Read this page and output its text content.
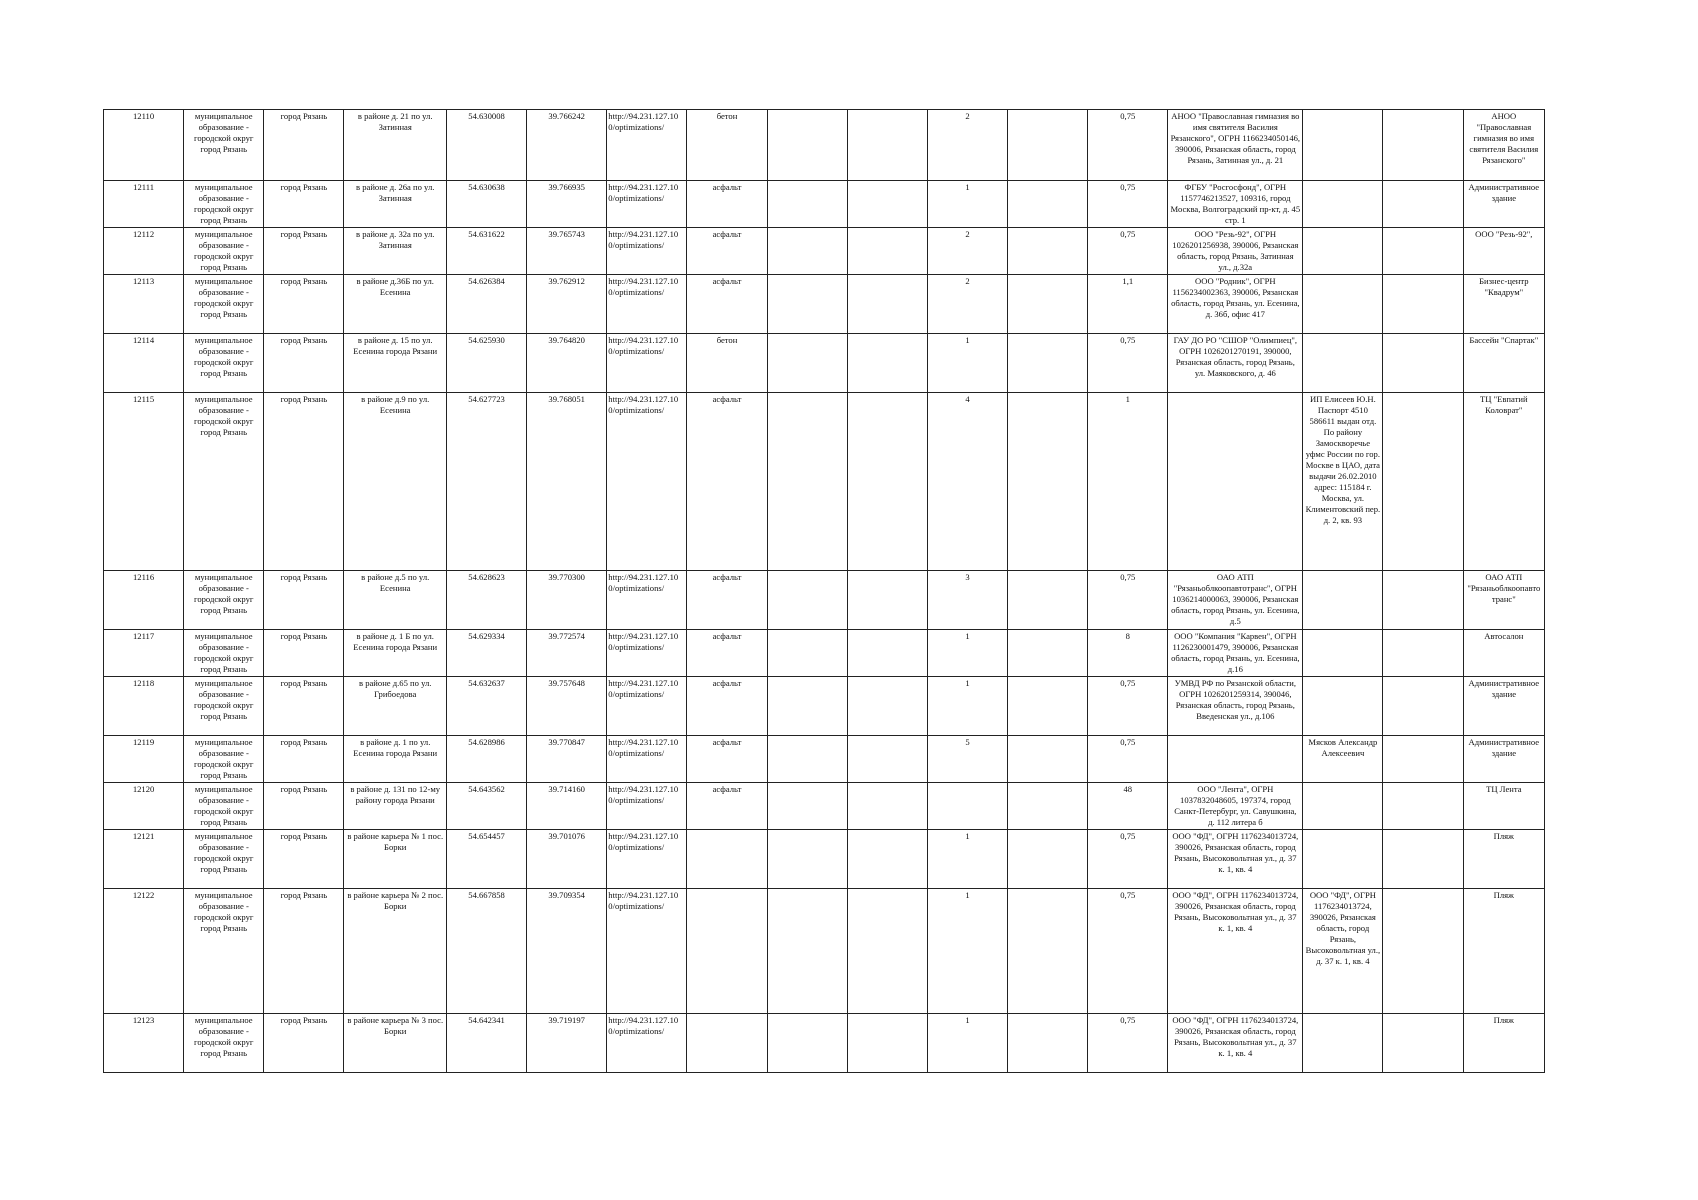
12110	муниципальное образование - городской округ город Рязань	город Рязань	в районе д. 21 по ул. Затинная	54.630008	39.766242	http://94.231.127.10 0/optimizations/	бетон			2		0,75	АНОО "Православная гимназия во имя святителя Василия Рязанского", ОГРН 1166234050146, 390006, Рязанская область, город Рязань, Затинная ул., д. 21			АНОО "Православная гимназия во имя святителя Василия Рязанского"
12111	муниципальное образование - городской округ город Рязань	город Рязань	в районе д. 26а по ул. Затинная	54.630638	39.766935	http://94.231.127.10 0/optimizations/	асфальт			1		0,75	ФГБУ "Росгосфонд", ОГРН 1157746213527, 109316, город Москва, Волгоградский пр-кт, д. 45 стр. 1			Административное здание
12112	муниципальное образование - городской округ город Рязань	город Рязань	в районе д. 32а по ул. Затинная	54.631622	39.765743	http://94.231.127.10 0/optimizations/	асфальт			2		0,75	ООО "Резь-92", ОГРН 1026201256938, 390006, Рязанская область, город Рязань, Затинная ул., д.32а			ООО "Резь-92",
12113	муниципальное образование - городской округ город Рязань	город Рязань	в районе д.36Б по ул. Есенина	54.626384	39.762912	http://94.231.127.10 0/optimizations/	асфальт			2		1,1	ООО "Родник", ОГРН 1156234002363, 390006, Рязанская область, город Рязань, ул. Есенина, д. 36б, офис 417			Бизнес-центр "Квадрум"
12114	муниципальное образование - городской округ город Рязань	город Рязань	в районе д. 15 по ул. Есенина города Рязани	54.625930	39.764820	http://94.231.127.10 0/optimizations/	бетон			1		0,75	ГАУ ДО РО "СШОР "Олимпиец", ОГРН 1026201270191, 390000, Рязанская область, город Рязань, ул. Маяковского, д. 46			Бассейн "Спартак"
12115	муниципальное образование - городской округ город Рязань	город Рязань	в районе д.9 по ул. Есенина	54.627723	39.768051	http://94.231.127.10 0/optimizations/	асфальт			4		1		ИП Елисеев Ю.Н. Паспорт 4510 586611 выдан отд. По району Замоскворечье уфмс России по гор. Москве в ЦАО, дата выдачи 26.02.2010 адрес: 115184 г. Москва, ул. Климентовский пер. д. 2, кв. 93		ТЦ "Евпатий Коловрат"
12116	муниципальное образование - городской округ город Рязань	город Рязань	в районе д.5 по ул. Есенина	54.628623	39.770300	http://94.231.127.10 0/optimizations/	асфальт			3		0,75	ОАО АТП "Рязаньоблкоопавтотранс", ОГРН 1036214000063, 390006, Рязанская область, город Рязань, ул. Есенина, д.5			ОАО АТП "Рязаньоблкоопавтотранс"
12117	муниципальное образование - городской округ город Рязань	город Рязань	в районе д. 1 Б по ул. Есенина города Рязани	54.629334	39.772574	http://94.231.127.10 0/optimizations/	асфальт			1		8	ООО "Компания "Карвен", ОГРН 1126230001479, 390006, Рязанская область, город Рязань, ул. Есенина, д.16			Автосалон
12118	муниципальное образование - городской округ город Рязань	город Рязань	в районе д.65 по ул. Грибоедова	54.632637	39.757648	http://94.231.127.10 0/optimizations/	асфальт			1		0,75	УМВД РФ по Рязанской области, ОГРН 1026201259314, 390046, Рязанская область, город Рязань, Введенская ул., д.106			Административное здание
12119	муниципальное образование - городской округ город Рязань	город Рязань	в районе д. 1 по ул. Есенина города Рязани	54.628986	39.770847	http://94.231.127.10 0/optimizations/	асфальт			5		0,75		Мясков Александр Алексеевич		Административное здание
12120	муниципальное образование - городской округ город Рязань	город Рязань	в районе д. 131 по 12-му району города Рязани	54.643562	39.714160	http://94.231.127.10 0/optimizations/	асфальт					48	ООО "Лента", ОГРН 1037832048605, 197374, город Санкт-Петербург, ул. Савушкина, д. 112 литера б			ТЦ Лента
12121	муниципальное образование - городской округ город Рязань	город Рязань	в районе карьера № 1 пос. Борки	54.654457	39.701076	http://94.231.127.10 0/optimizations/				1		0,75	ООО "ФД", ОГРН 1176234013724, 390026, Рязанская область, город Рязань, Высоковольтная ул., д. 37 к. 1, кв. 4			Пляж
12122	муниципальное образование - городской округ город Рязань	город Рязань	в районе карьера № 2 пос. Борки	54.667858	39.709354	http://94.231.127.10 0/optimizations/				1		0,75	ООО "ФД", ОГРН 1176234013724, 390026, Рязанская область, город Рязань, Высоковольтная ул., д. 37 к. 1, кв. 4	ООО "ФД", ОГРН 1176234013724, 390026, Рязанская область, город Рязань, Высоковольтная ул., д. 37 к. 1, кв. 4		Пляж
12123	муниципальное образование - городской округ город Рязань	город Рязань	в районе карьера № 3 пос. Борки	54.642341	39.719197	http://94.231.127.10 0/optimizations/				1		0,75	ООО "ФД", ОГРН 1176234013724, 390026, Рязанская область, город Рязань, Высоковольтная ул., д. 37 к. 1, кв. 4			Пляж
